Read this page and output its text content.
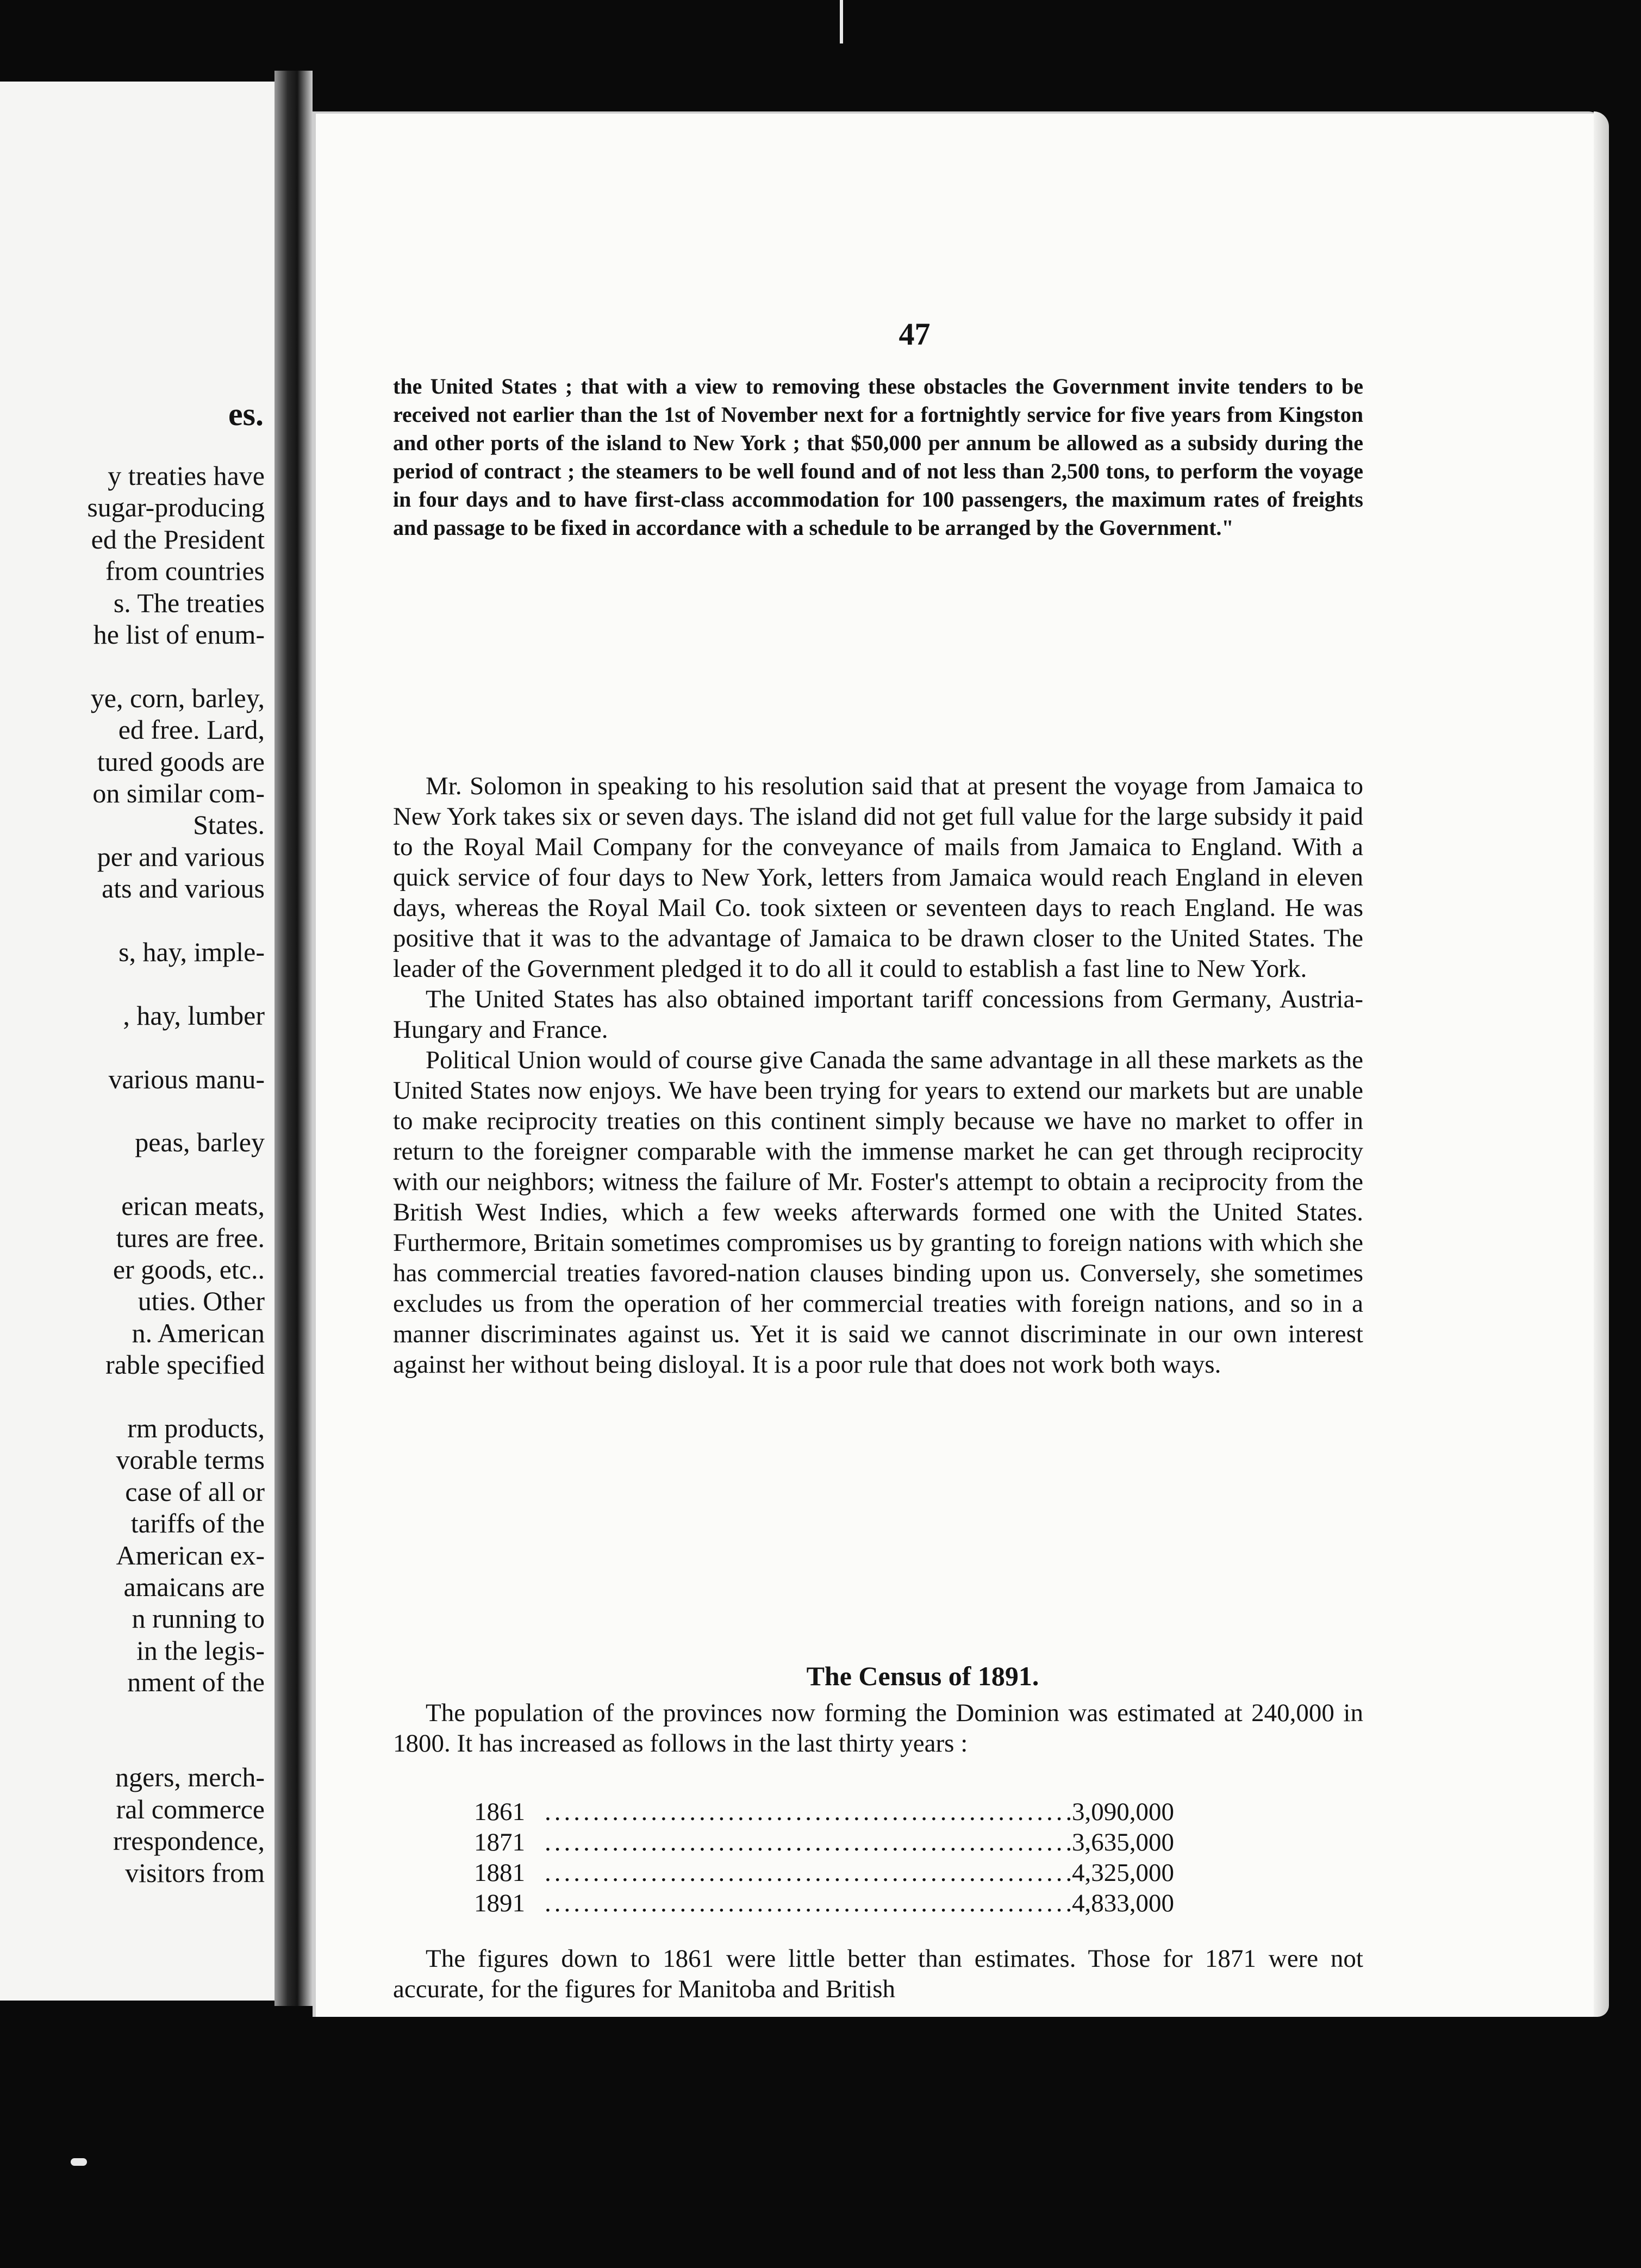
es.
y treaties have
sugar-producing
ed the President
from countries
s. The treaties
he list of enum-
ye, corn, barley,
ed free. Lard,
tured goods are
on similar com-
States.
per and various
ats and various
s, hay, imple-
, hay, lumber
various manu-
peas, barley
erican meats,
tures are free.
er goods, etc..
uties. Other
n. American
rable specified
rm products,
vorable terms
case of all or
tariffs of the
American ex-
amaicans are
n running to
in the legis-
nment of the
ngers, merch-
ral commerce
rrespondence,
visitors from
47
the United States ; that with a view to removing these obstacles the Government invite tenders to be received not earlier than the 1st of November next for a fortnightly service for five years from Kingston and other ports of the island to New York ; that $50,000 per annum be allowed as a subsidy during the period of contract ; the steamers to be well found and of not less than 2,500 tons, to perform the voyage in four days and to have first-class accommodation for 100 passengers, the maximum rates of freights and passage to be fixed in accordance with a schedule to be arranged by the Government."

Mr. Solomon in speaking to his resolution said that at present the voyage from Jamaica to New York takes six or seven days. The island did not get full value for the large subsidy it paid to the Royal Mail Company for the conveyance of mails from Jamaica to England. With a quick service of four days to New York, letters from Jamaica would reach England in eleven days, whereas the Royal Mail Co. took sixteen or seventeen days to reach England. He was positive that it was to the advantage of Jamaica to be drawn closer to the United States. The leader of the Government pledged it to do all it could to establish a fast line to New York.

The United States has also obtained important tariff concessions from Germany, Austria-Hungary and France.

Political Union would of course give Canada the same advantage in all these markets as the United States now enjoys. We have been trying for years to extend our markets but are unable to make reciprocity treaties on this continent simply because we have no market to offer in return to the foreigner comparable with the immense market he can get through reciprocity with our neighbors; witness the failure of Mr. Foster's attempt to obtain a reciprocity from the British West Indies, which a few weeks afterwards formed one with the United States. Furthermore, Britain sometimes compromises us by granting to foreign nations with which she has commercial treaties favored-nation clauses binding upon us. Conversely, she sometimes excludes us from the operation of her commercial treaties with foreign nations, and so in a manner discriminates against us. Yet it is said we cannot discriminate in our own interest against her without being disloyal. It is a poor rule that does not work both ways.

The Census of 1891.

The population of the provinces now forming the Dominion was estimated at 240,000 in 1800. It has increased as follows in the last thirty years :

1861 .....	3,090,000
1871 .....	3,635,000
1881 .....	4,325,000
1891 .....	4,833,000

The figures down to 1861 were little better than estimates. Those for 1871 were not accurate, for the figures for Manitoba and British
